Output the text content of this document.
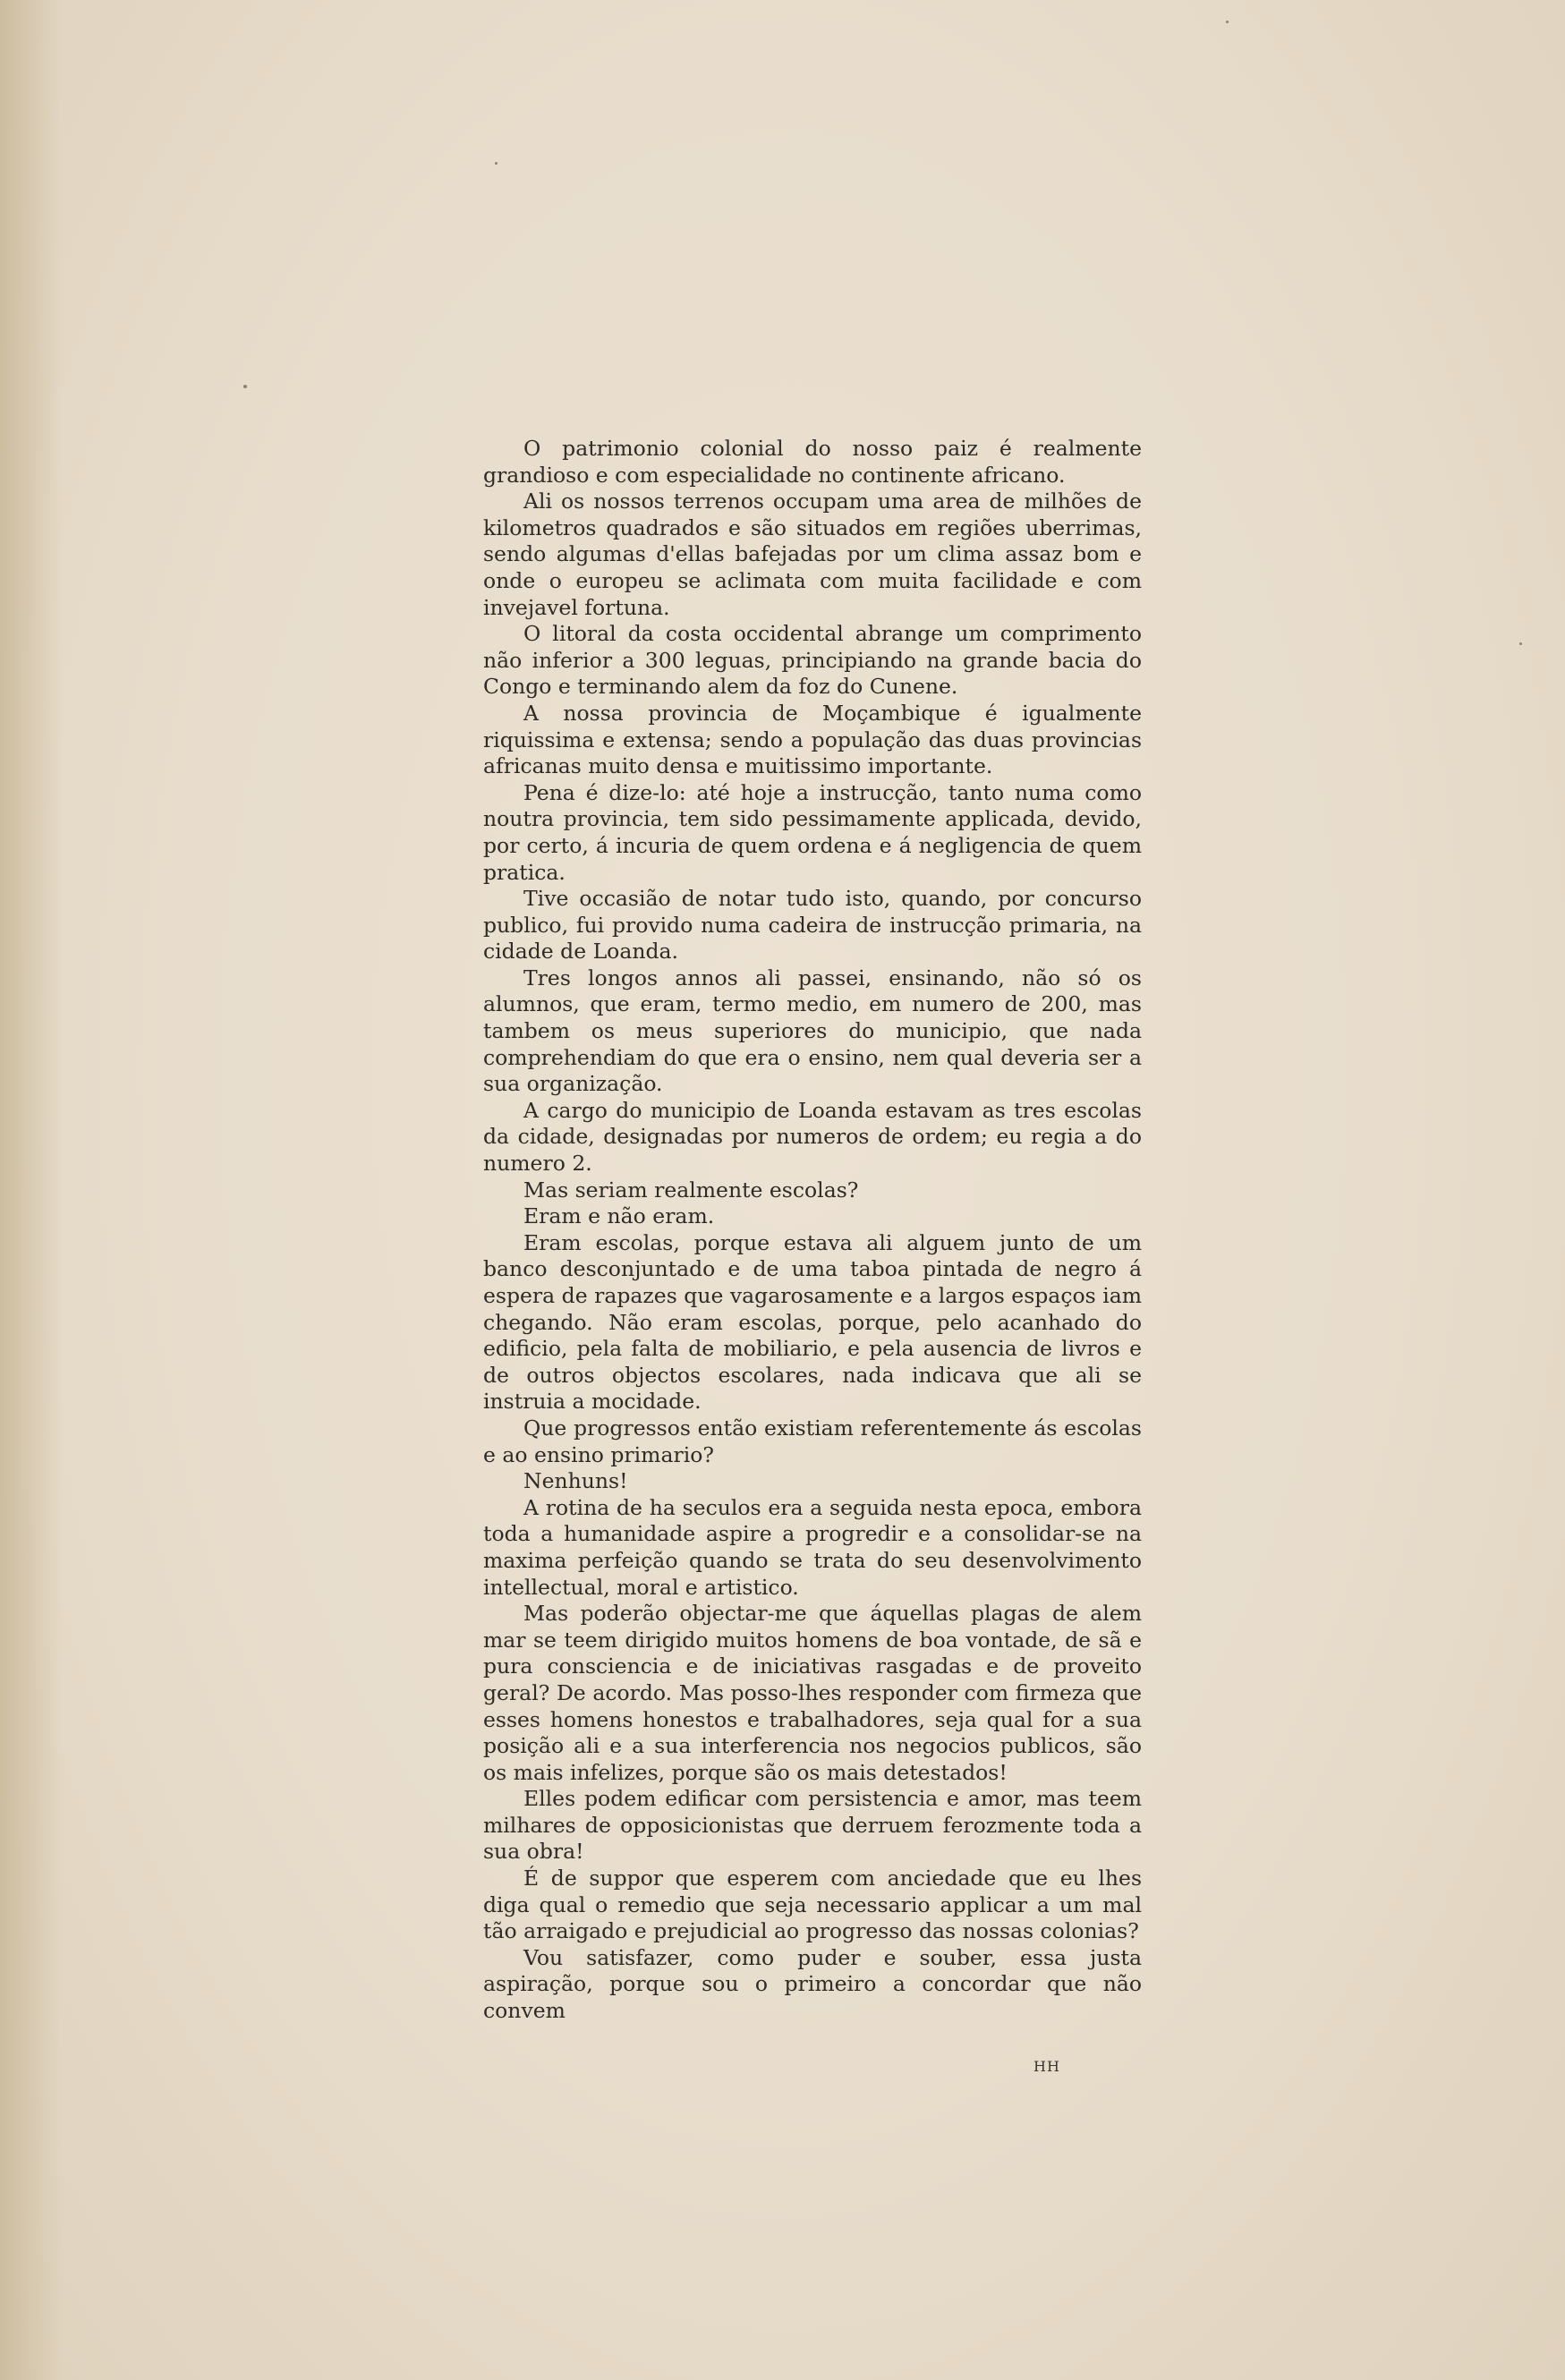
O patrimonio colonial do nosso paiz é realmente grandioso e com especialidade no continente africano.

Ali os nossos terrenos occupam uma area de milhões de kilometros quadrados e são situados em regiões uberrimas, sendo algumas d'ellas bafejadas por um clima assaz bom e onde o europeu se aclimata com muita facilidade e com invejavel fortuna.

O litoral da costa occidental abrange um comprimento não inferior a 300 leguas, principiando na grande bacia do Congo e terminando alem da foz do Cunene.

A nossa provincia de Moçambique é igualmente riquissima e extensa; sendo a população das duas provincias africanas muito densa e muitissimo importante.

Pena é dize-lo: até hoje a instrucção, tanto numa como noutra provincia, tem sido pessimamente applicada, devido, por certo, á incuria de quem ordena e á negligencia de quem pratica.

Tive occasião de notar tudo isto, quando, por concurso publico, fui provido numa cadeira de instrucção primaria, na cidade de Loanda.

Tres longos annos ali passei, ensinando, não só os alumnos, que eram, termo medio, em numero de 200, mas tambem os meus superiores do municipio, que nada comprehendiam do que era o ensino, nem qual deveria ser a sua organização.

A cargo do municipio de Loanda estavam as tres escolas da cidade, designadas por numeros de ordem; eu regia a do numero 2.

Mas seriam realmente escolas?

Eram e não eram.

Eram escolas, porque estava ali alguem junto de um banco desconjuntado e de uma taboa pintada de negro á espera de rapazes que vagarosamente e a largos espaços iam chegando. Não eram escolas, porque, pelo acanhado do edificio, pela falta de mobiliario, e pela ausencia de livros e de outros objectos escolares, nada indicava que ali se instruia a mocidade.

Que progressos então existiam referentemente ás escolas e ao ensino primario?

Nenhuns!

A rotina de ha seculos era a seguida nesta epoca, embora toda a humanidade aspire a progredir e a consolidar-se na maxima perfeição quando se trata do seu desenvolvimento intellectual, moral e artistico.

Mas poderão objectar-me que áquellas plagas de alem mar se teem dirigido muitos homens de boa vontade, de sã e pura consciencia e de iniciativas rasgadas e de proveito geral? De acordo. Mas posso-lhes responder com firmeza que esses homens honestos e trabalhadores, seja qual for a sua posição ali e a sua interferencia nos negocios publicos, são os mais infelizes, porque são os mais detestados!

Elles podem edificar com persistencia e amor, mas teem milhares de opposicionistas que derruem ferozmente toda a sua obra!

É de suppor que esperem com anciedade que eu lhes diga qual o remedio que seja necessario applicar a um mal tão arraigado e prejudicial ao progresso das nossas colonias?

Vou satisfazer, como puder e souber, essa justa aspiração, porque sou o primeiro a concordar que não convem

HH
